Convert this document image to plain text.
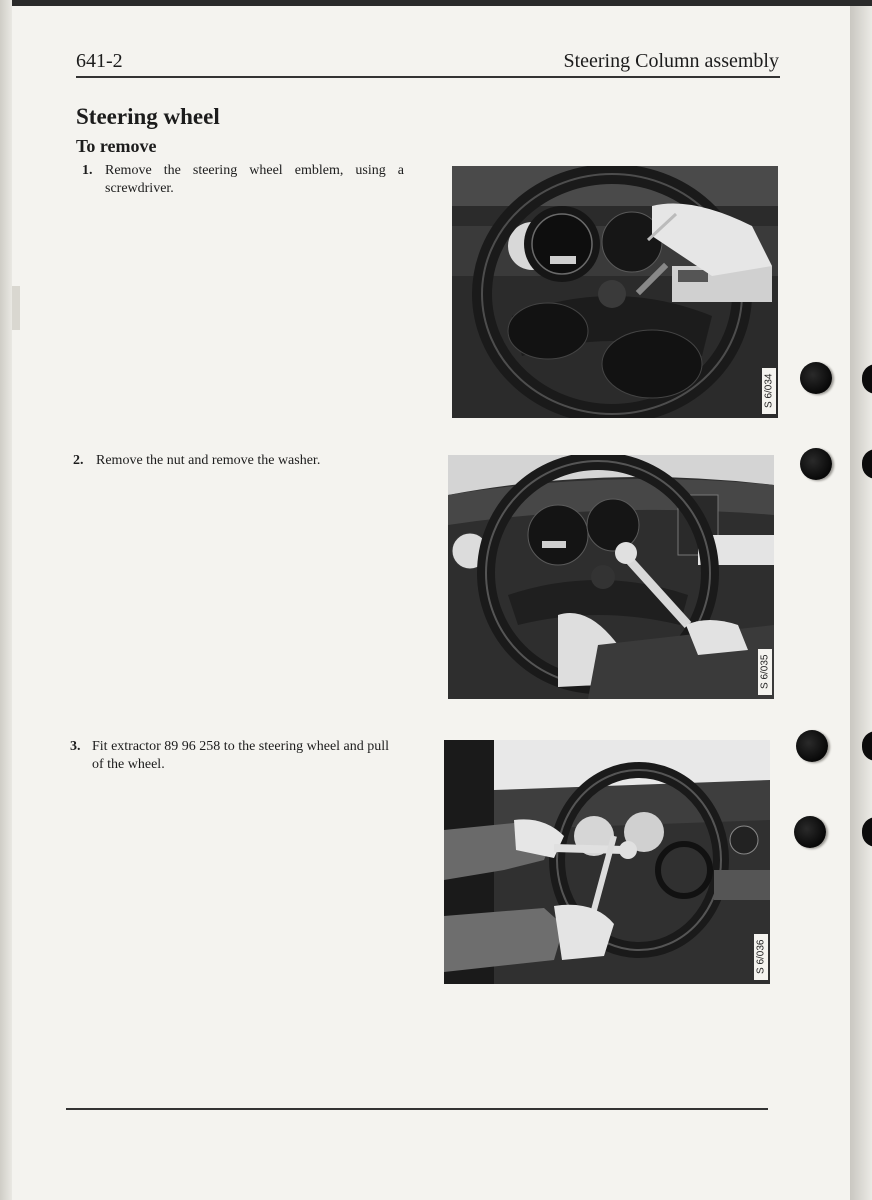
641-2	Steering Column assembly
Steering wheel
To remove
1. Remove the steering wheel emblem, using a screwdriver.
2. Remove the nut and remove the washer.
3. Fit extractor 89 96 258 to the steering wheel and pull of the wheel.
S 6/034
S 6/035
S 6/036
